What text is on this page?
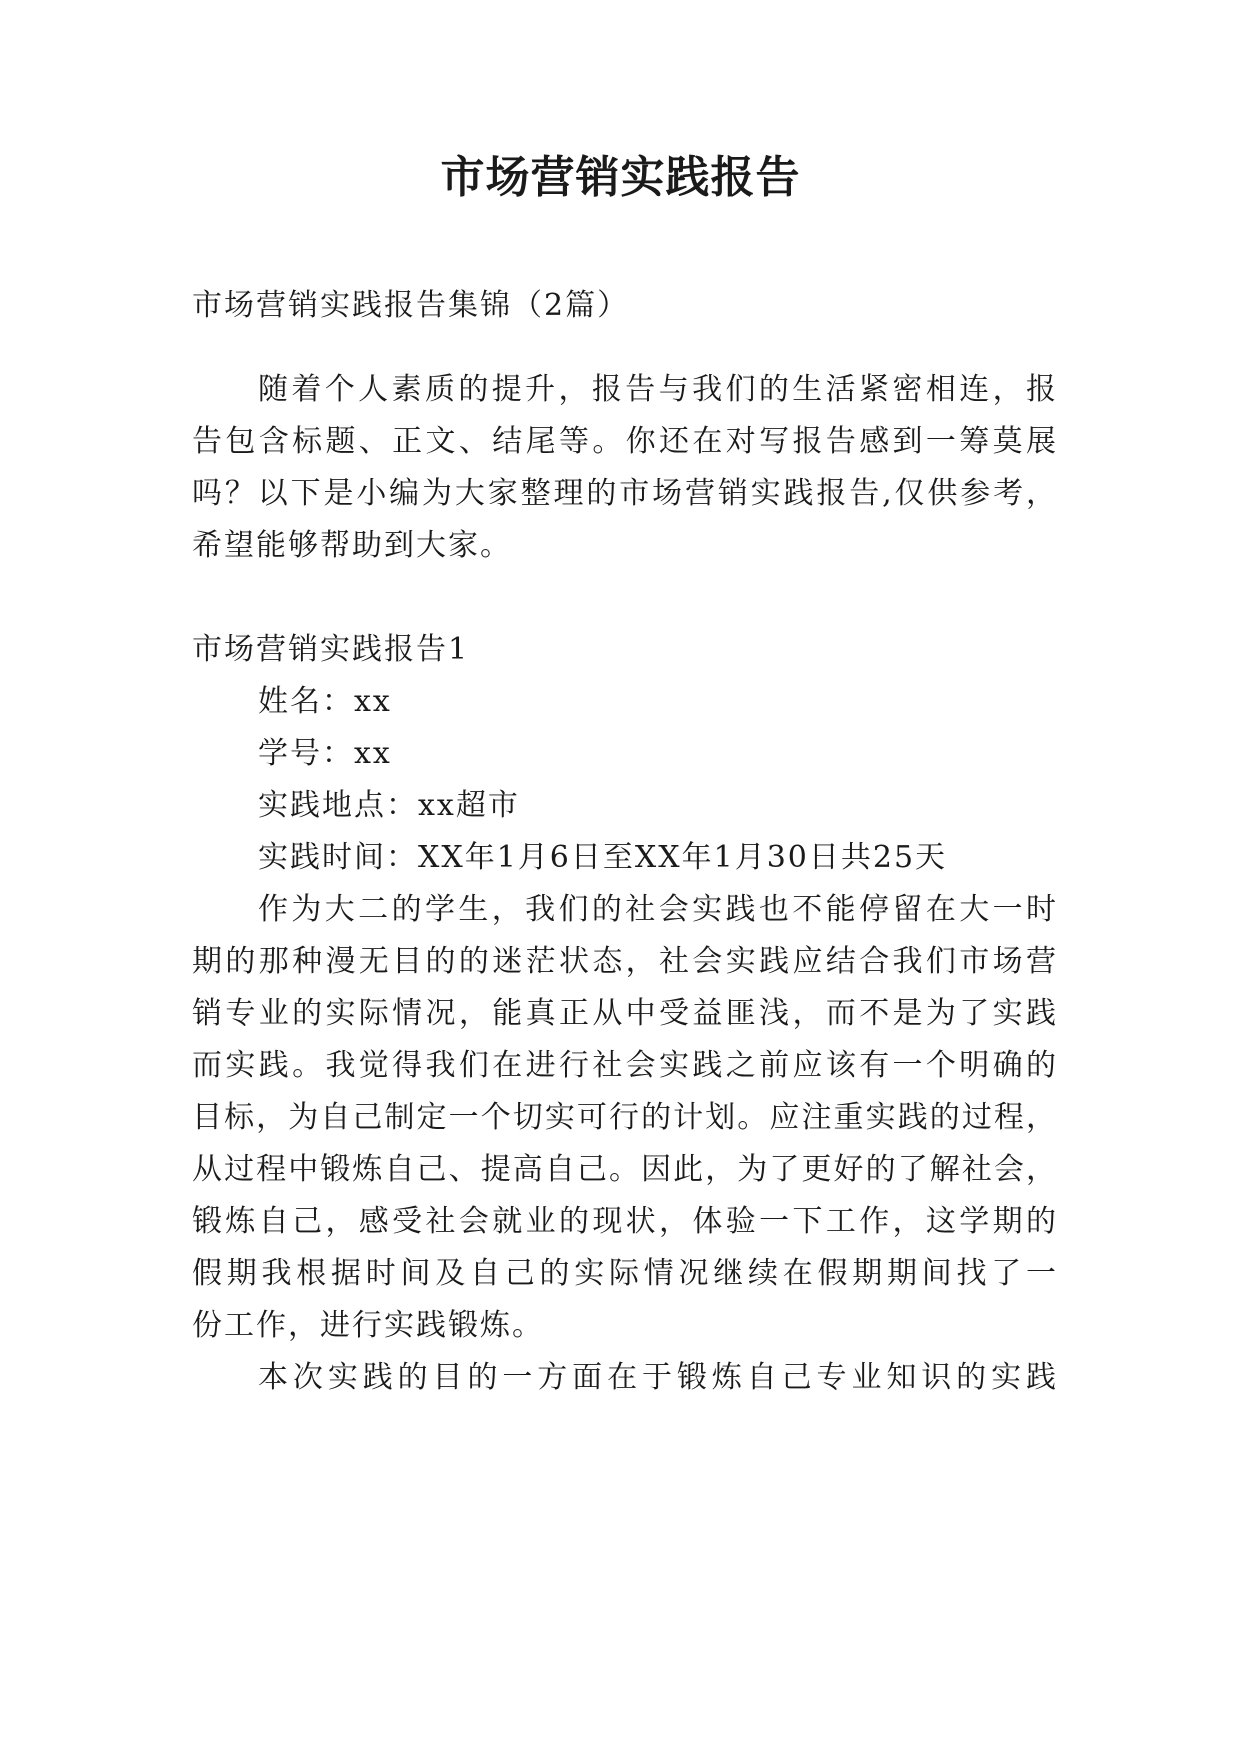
市场营销实践报告
市场营销实践报告集锦（2篇）
随着个人素质的提升，报告与我们的生活紧密相连，报
告包含标题、正文、结尾等。你还在对写报告感到一筹莫展
吗？以下是小编为大家整理的市场营销实践报告,仅供参考，
希望能够帮助到大家。
市场营销实践报告1
姓名：xx
学号：xx
实践地点：xx超市
实践时间：XX年1月6日至XX年1月30日共25天
作为大二的学生，我们的社会实践也不能停留在大一时
期的那种漫无目的的迷茫状态，社会实践应结合我们市场营
销专业的实际情况，能真正从中受益匪浅，而不是为了实践
而实践。我觉得我们在进行社会实践之前应该有一个明确的
目标，为自己制定一个切实可行的计划。应注重实践的过程，
从过程中锻炼自己、提高自己。因此，为了更好的了解社会，
锻炼自己，感受社会就业的现状，体验一下工作，这学期的
假期我根据时间及自己的实际情况继续在假期期间找了一
份工作，进行实践锻炼。
本次实践的目的一方面在于锻炼自己专业知识的实践
